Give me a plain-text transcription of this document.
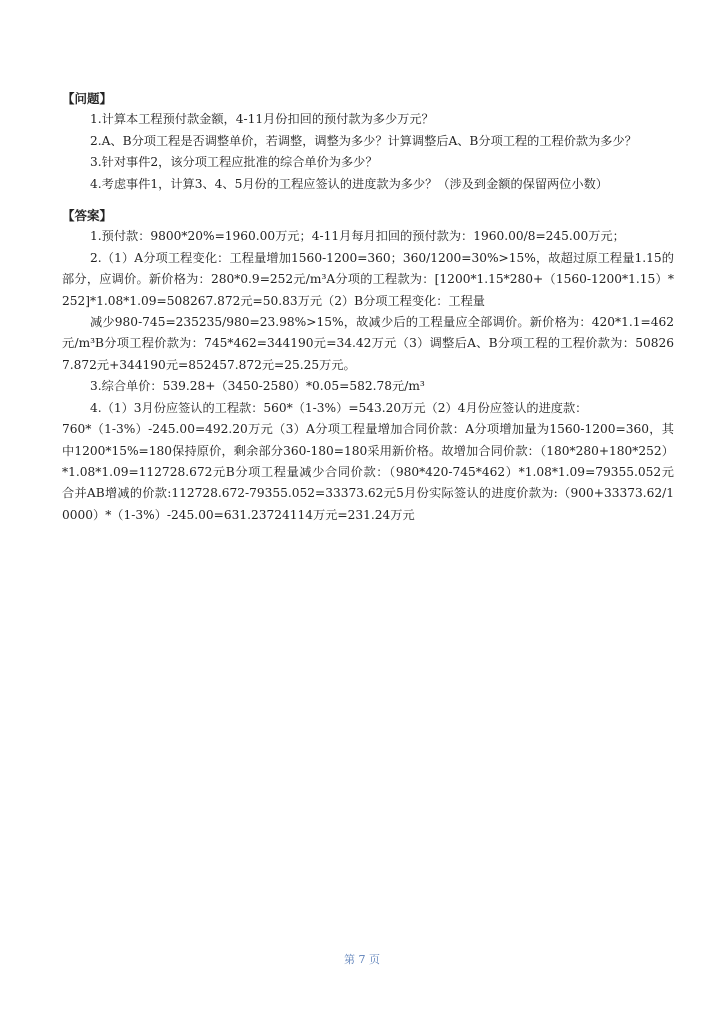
【问题】

1.计算本工程预付款金额，4-11月份扣回的预付款为多少万元？

2.A、B分项工程是否调整单价，若调整，调整为多少？计算调整后A、B分项工程的工程价款为多少？

3.针对事件2，该分项工程应批准的综合单价为多少？

4.考虑事件1，计算3、4、5月份的工程应签认的进度款为多少？（涉及到金额的保留两位小数）

【答案】

1.预付款：9800*20%=1960.00万元；4-11月每月扣回的预付款为：1960.00/8=245.00万元；

2.（1）A分项工程变化：工程量增加1560-1200=360；360/1200=30%>15%，故超过原工程量1.15的部分，应调价。新价格为：280*0.9=252元/m³A分项的工程款为：[1200*1.15*280+（1560-1200*1.15）*252]*1.08*1.09=508267.872元=50.83万元（2）B分项工程变化：工程量

减少980-745=235235/980=23.98%>15%，故减少后的工程量应全部调价。新价格为：420*1.1=462元/m³B分项工程价款为：745*462=344190元=34.42万元（3）调整后A、B分项工程的工程价款为：508267.872元+344190元=852457.872元=25.25万元。

3.综合单价：539.28+（3450-2580）*0.05=582.78元/m³

4.（1）3月份应签认的工程款：560*（1-3%）=543.20万元（2）4月份应签认的进度款：

760*（1-3%）-245.00=492.20万元（3）A分项工程量增加合同价款：A分项增加量为1560-1200=360，其中1200*15%=180保持原价，剩余部分360-180=180采用新价格。故增加合同价款：（180*280+180*252）*1.08*1.09=112728.672元B分项工程量减少合同价款：（980*420-745*462）*1.08*1.09=79355.052元合并AB增减的价款:112728.672-79355.052=33373.62元5月份实际签认的进度价款为:（900+33373.62/10000）*（1-3%）-245.00=631.23724114万元=231.24万元

第 7 页
